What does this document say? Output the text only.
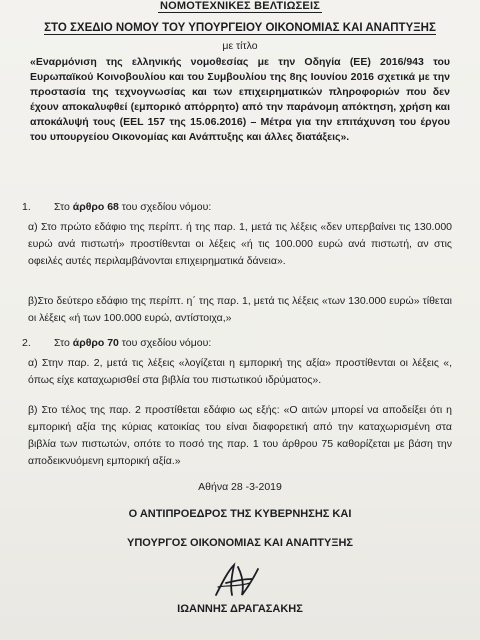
ΝΟΜΟΤΕΧΝΙΚΕΣ ΒΕΛΤΙΩΣΕΙΣ
ΣΤΟ ΣΧΕΔΙΟ ΝΟΜΟΥ ΤΟΥ ΥΠΟΥΡΓΕΙΟΥ ΟΙΚΟΝΟΜΙΑΣ ΚΑΙ ΑΝΑΠΤΥΞΗΣ
με τίτλο
«Εναρμόνιση της ελληνικής νομοθεσίας με την Οδηγία (ΕΕ) 2016/943 του Ευρωπαϊκού Κοινοβουλίου και του Συμβουλίου της 8ης Ιουνίου 2016 σχετικά με την προστασία της τεχνογνωσίας και των επιχειρηματικών πληροφοριών που δεν έχουν αποκαλυφθεί (εμπορικό απόρρητο) από την παράνομη απόκτηση, χρήση και αποκάλυψή τους (EEL 157 της 15.06.2016) – Μέτρα για την επιτάχυνση του έργου του υπουργείου Οικονομίας και Ανάπτυξης και άλλες διατάξεις».
1. Στο άρθρο 68 του σχεδίου νόμου:
α) Στο πρώτο εδάφιο της περίπτ. ή της παρ. 1, μετά τις λέξεις «δεν υπερβαίνει τις 130.000 ευρώ ανά πιστωτή» προστίθενται οι λέξεις «ή τις 100.000 ευρώ ανά πιστωτή, αν στις οφειλές αυτές περιλαμβάνονται επιχειρηματικά δάνεια».
β)Στο δεύτερο εδάφιο της περίπτ. η΄ της παρ. 1, μετά τις λέξεις «των 130.000 ευρώ» τίθεται οι λέξεις «ή των 100.000 ευρώ, αντίστοιχα,»
2. Στο άρθρο 70 του σχεδίου νόμου:
α) Στην παρ. 2, μετά τις λέξεις «λογίζεται η εμπορική της αξία» προστίθενται οι λέξεις «, όπως είχε καταχωρισθεί στα βιβλία του πιστωτικού ιδρύματος».
β) Στο τέλος της παρ. 2 προστίθεται εδάφιο ως εξής: «Ο αιτών μπορεί να αποδείξει ότι η εμπορική αξία της κύριας κατοικίας του είναι διαφορετική από την καταχωρισμένη στα βιβλία των πιστωτών, οπότε το ποσό της παρ. 1 του άρθρου 75 καθορίζεται με βάση την αποδεικνυόμενη εμπορική αξία.»
Αθήνα 28 -3-2019
Ο ΑΝΤΙΠΡΟΕΔΡΟΣ ΤΗΣ ΚΥΒΕΡΝΗΣΗΣ ΚΑΙ
ΥΠΟΥΡΓΟΣ ΟΙΚΟΝΟΜΙΑΣ ΚΑΙ ΑΝΑΠΤΥΞΗΣ
ΙΩΑΝΝΗΣ ΔΡΑΓΑΣΑΚΗΣ
